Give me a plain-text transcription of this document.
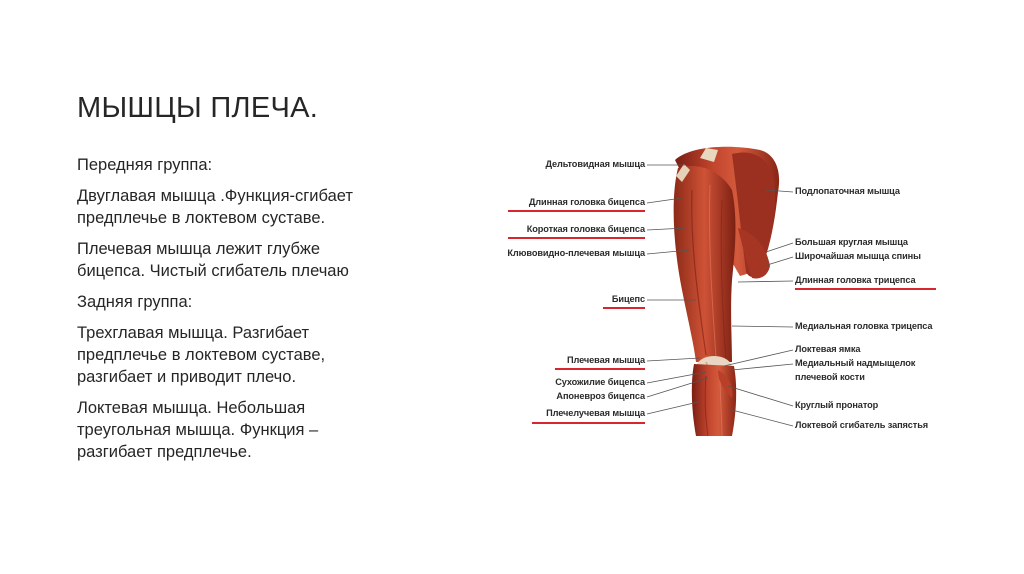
МЫШЦЫ ПЛЕЧА.

Передняя группа:

Двуглавая мышца .Функция-сгибает предплечье в локтевом суставе.

Плечевая мышца лежит глубже бицепса. Чистый сгибатель плечаю

Задняя группа:

Трехглавая мышца. Разгибает предплечье в локтевом суставе, разгибает и приводит плечо.

Локтевая мышца. Небольшая треугольная мышца. Функция – разгибает предплечье.

Дельтовидная мышца
Длинная головка бицепса
Короткая головка бицепса
Клювовидно-плечевая мышца
Бицепс
Плечевая мышца
Сухожилие бицепса
Апоневроз бицепса
Плечелучевая мышца
Подлопаточная мышца
Большая круглая мышца
Широчайшая мышца спины
Длинная головка трицепса
Медиальная головка трицепса
Локтевая ямка
Медиальный надмыщелок
плечевой кости
Круглый пронатор
Локтевой сгибатель запястья
